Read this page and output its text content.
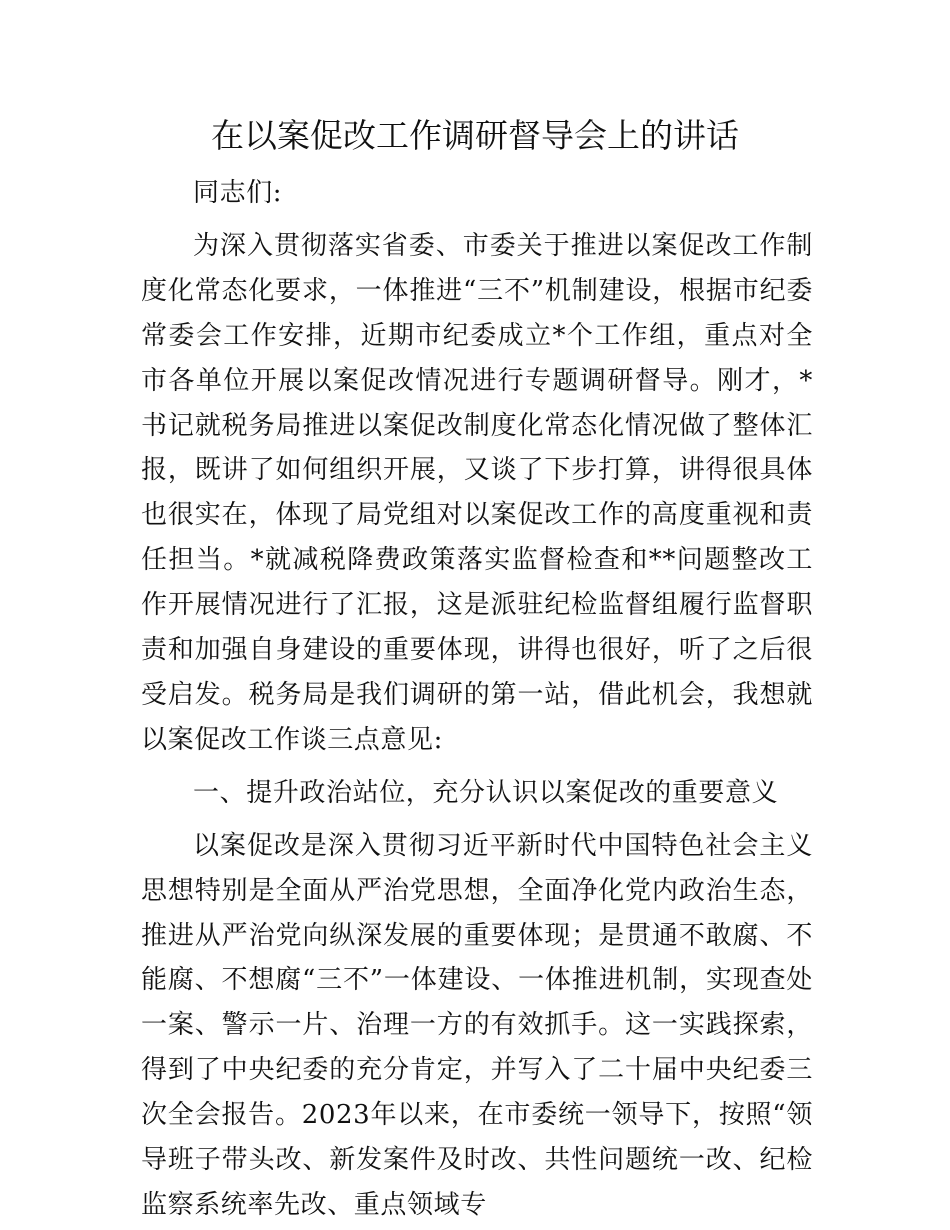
在以案促改工作调研督导会上的讲话

同志们:

为深入贯彻落实省委、市委关于推进以案促改工作制度化常态化要求，一体推进“三不”机制建设，根据市纪委常委会工作安排，近期市纪委成立*个工作组，重点对全市各单位开展以案促改情况进行专题调研督导。刚才，*书记就税务局推进以案促改制度化常态化情况做了整体汇报，既讲了如何组织开展，又谈了下步打算，讲得很具体也很实在，体现了局党组对以案促改工作的高度重视和责任担当。*就减税降费政策落实监督检查和**问题整改工作开展情况进行了汇报，这是派驻纪检监督组履行监督职责和加强自身建设的重要体现，讲得也很好，听了之后很受启发。税务局是我们调研的第一站，借此机会，我想就以案促改工作谈三点意见:

一、提升政治站位，充分认识以案促改的重要意义

以案促改是深入贯彻习近平新时代中国特色社会主义思想特别是全面从严治党思想，全面净化党内政治生态，推进从严治党向纵深发展的重要体现；是贯通不敢腐、不能腐、不想腐“三不”一体建设、一体推进机制，实现查处一案、警示一片、治理一方的有效抓手。这一实践探索，得到了中央纪委的充分肯定，并写入了二十届中央纪委三次全会报告。2023年以来，在市委统一领导下，按照“领导班子带头改、新发案件及时改、共性问题统一改、纪检监察系统率先改、重点领域专
